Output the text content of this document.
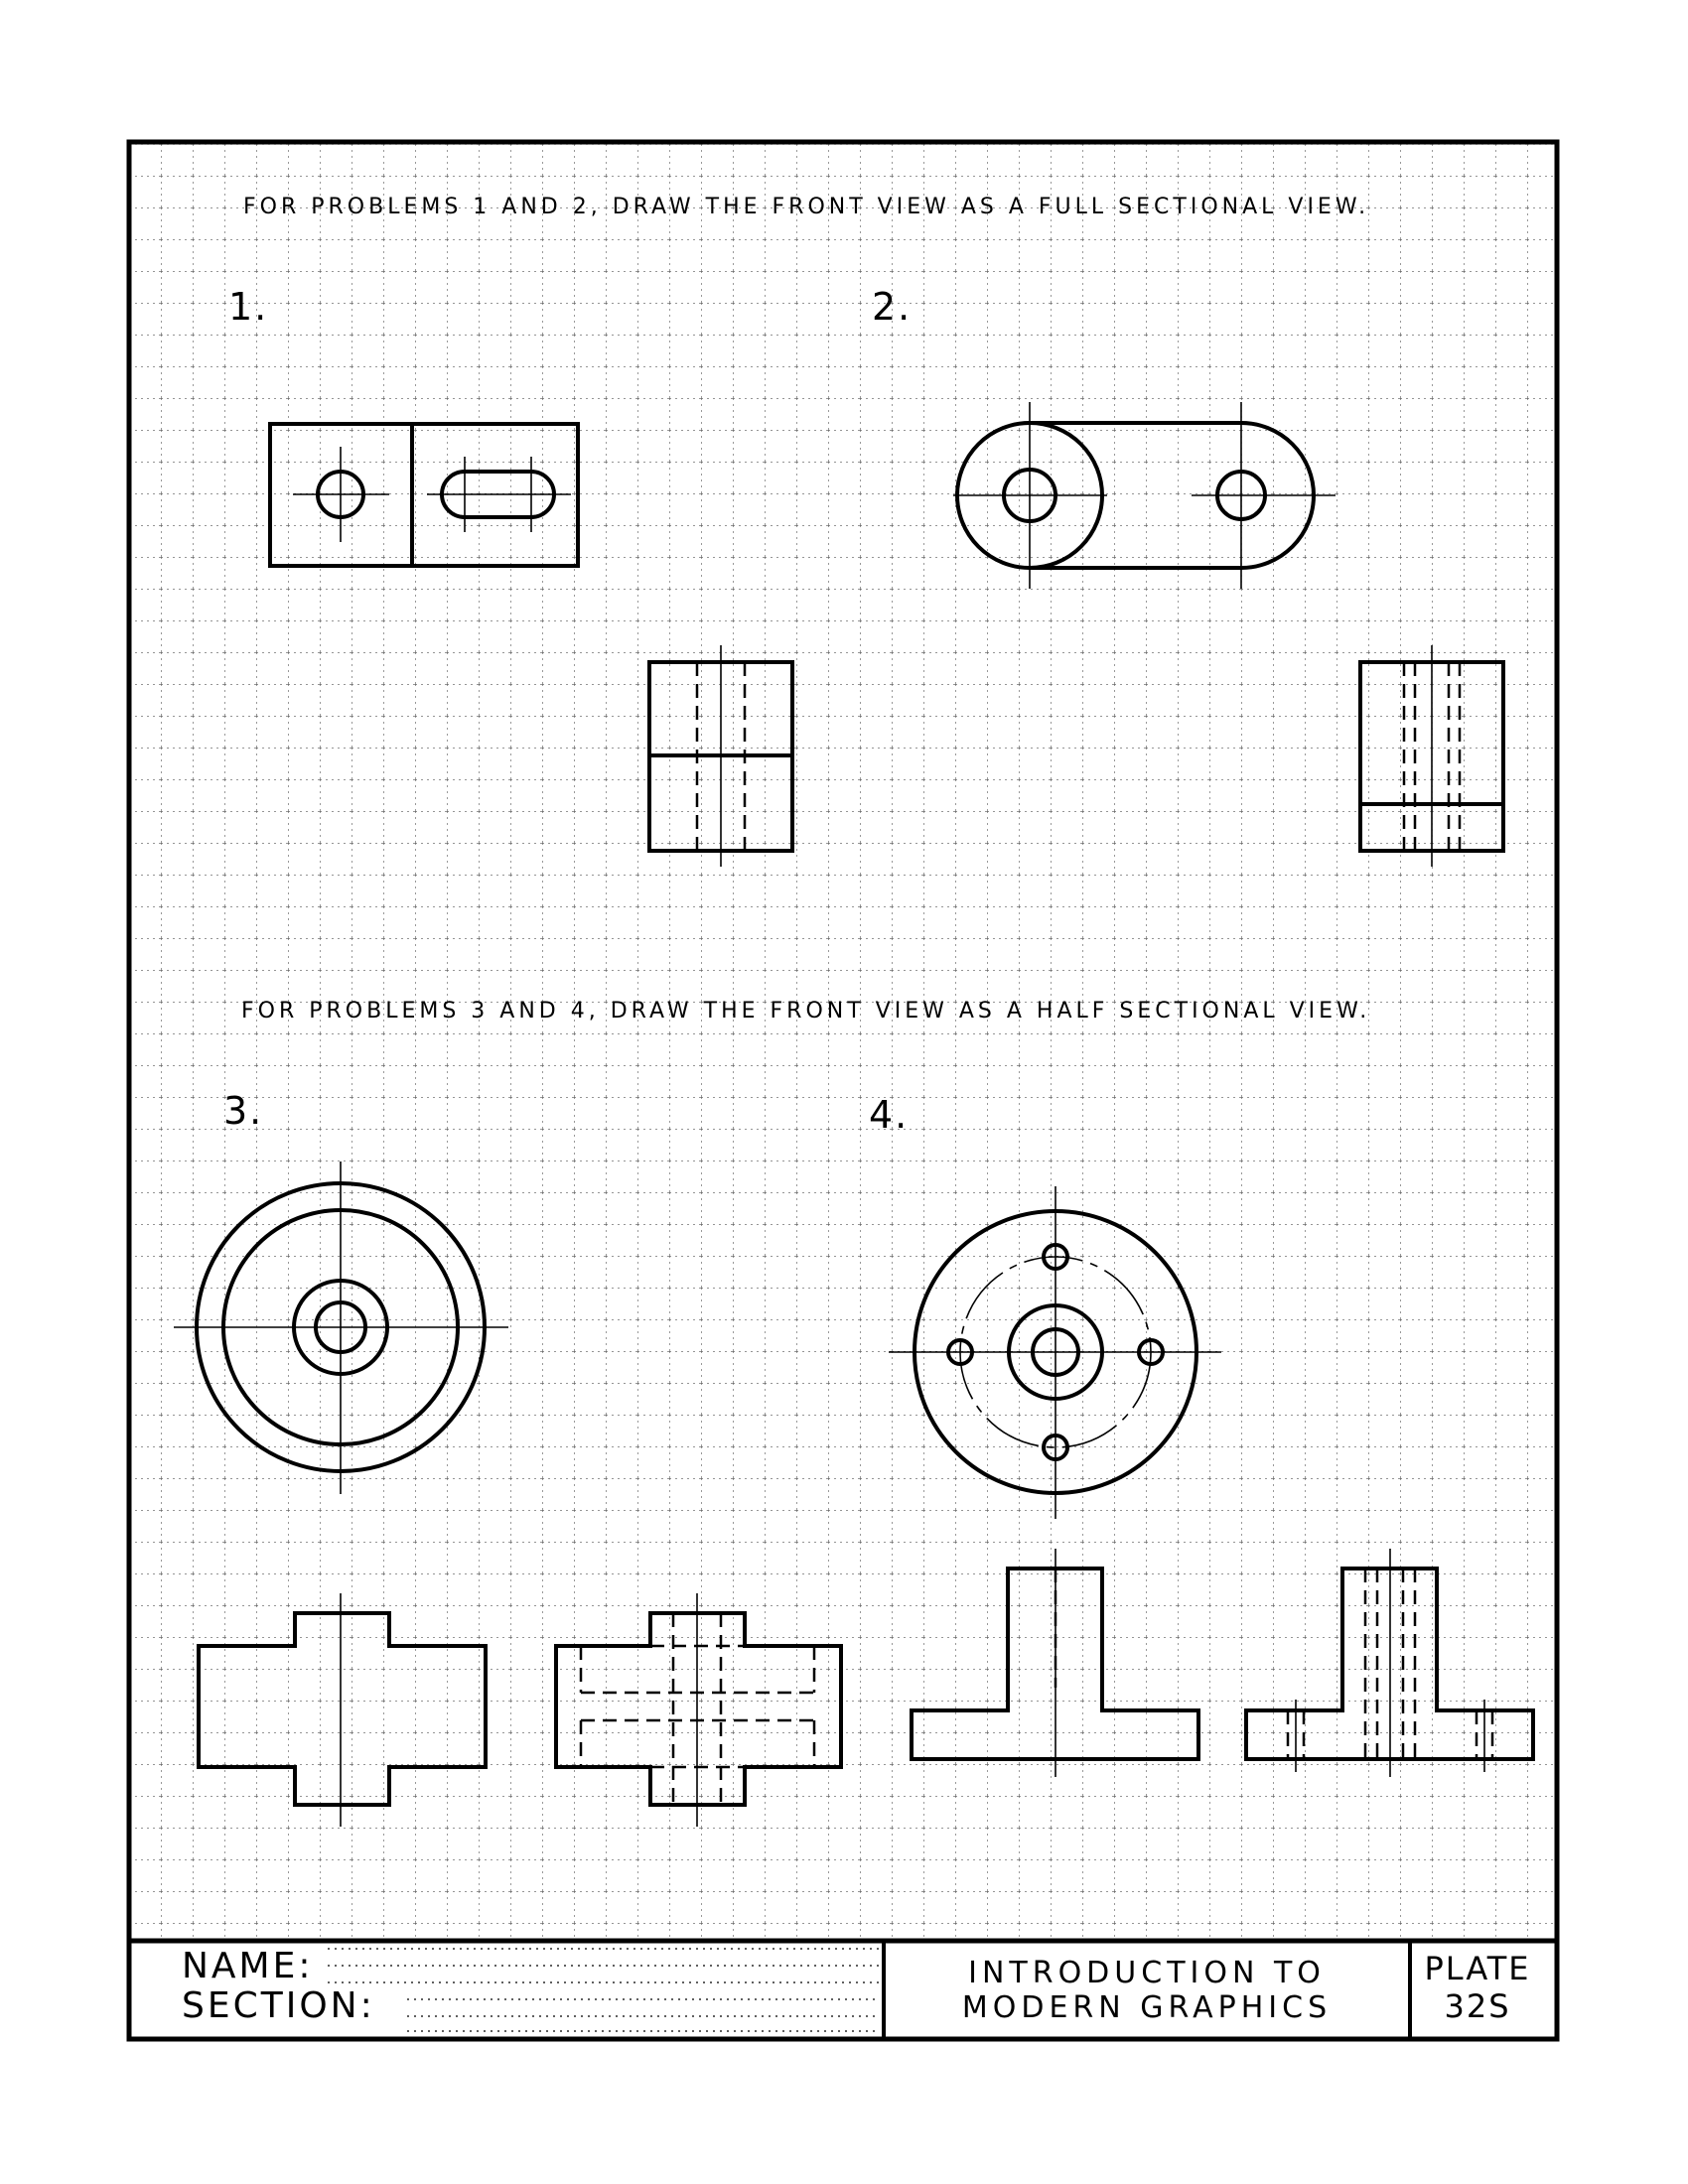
FOR PROBLEMS 1 AND 2, DRAW THE FRONT VIEW AS A FULL SECTIONAL VIEW.
FOR PROBLEMS 3 AND 4, DRAW THE FRONT VIEW AS A HALF SECTIONAL VIEW.
1.	2.
3.	4.
NAME:
SECTION:
INTRODUCTION TO
MODERN GRAPHICS
PLATE
32S
